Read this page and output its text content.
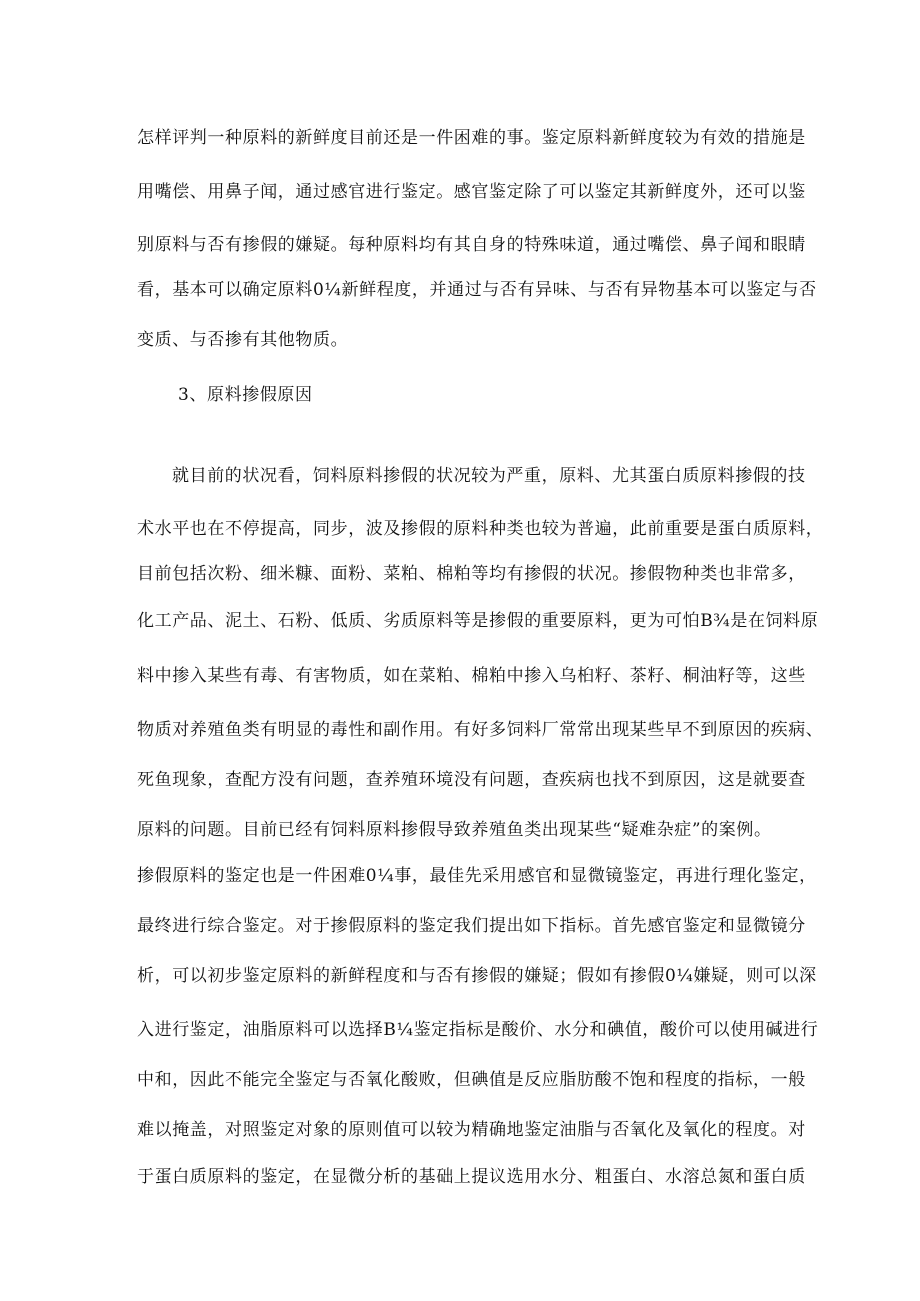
怎样评判一种原料的新鲜度目前还是一件困难的事。鉴定原料新鲜度较为有效的措施是
用嘴偿、用鼻子闻，通过感官进行鉴定。感官鉴定除了可以鉴定其新鲜度外，还可以鉴
别原料与否有掺假的嫌疑。每种原料均有其自身的特殊味道，通过嘴偿、鼻子闻和眼睛
看，基本可以确定原料0¼新鲜程度，并通过与否有异味、与否有异物基本可以鉴定与否
变质、与否掺有其他物质。
3、原料掺假原因
就目前的状况看，饲料原料掺假的状况较为严重，原料、尤其蛋白质原料掺假的技
术水平也在不停提高，同步，波及掺假的原料种类也较为普遍，此前重要是蛋白质原料，
目前包括次粉、细米糠、面粉、菜粕、棉粕等均有掺假的状况。掺假物种类也非常多，
化工产品、泥土、石粉、低质、劣质原料等是掺假的重要原料，更为可怕B¾是在饲料原
料中掺入某些有毒、有害物质，如在菜粕、棉粕中掺入乌桕籽、茶籽、桐油籽等，这些
物质对养殖鱼类有明显的毒性和副作用。有好多饲料厂常常出现某些早不到原因的疾病、
死鱼现象，查配方没有问题，查养殖环境没有问题，查疾病也找不到原因，这是就要查
原料的问题。目前已经有饲料原料掺假导致养殖鱼类出现某些“疑难杂症”的案例。
掺假原料的鉴定也是一件困难0¼事，最佳先采用感官和显微镜鉴定，再进行理化鉴定，
最终进行综合鉴定。对于掺假原料的鉴定我们提出如下指标。首先感官鉴定和显微镜分
析，可以初步鉴定原料的新鲜程度和与否有掺假的嫌疑；假如有掺假0¼嫌疑，则可以深
入进行鉴定，油脂原料可以选择B¼鉴定指标是酸价、水分和碘值，酸价可以使用碱进行
中和，因此不能完全鉴定与否氧化酸败，但碘值是反应脂肪酸不饱和程度的指标，一般
难以掩盖，对照鉴定对象的原则值可以较为精确地鉴定油脂与否氧化及氧化的程度。对
于蛋白质原料的鉴定，在显微分析的基础上提议选用水分、粗蛋白、水溶总氮和蛋白质
